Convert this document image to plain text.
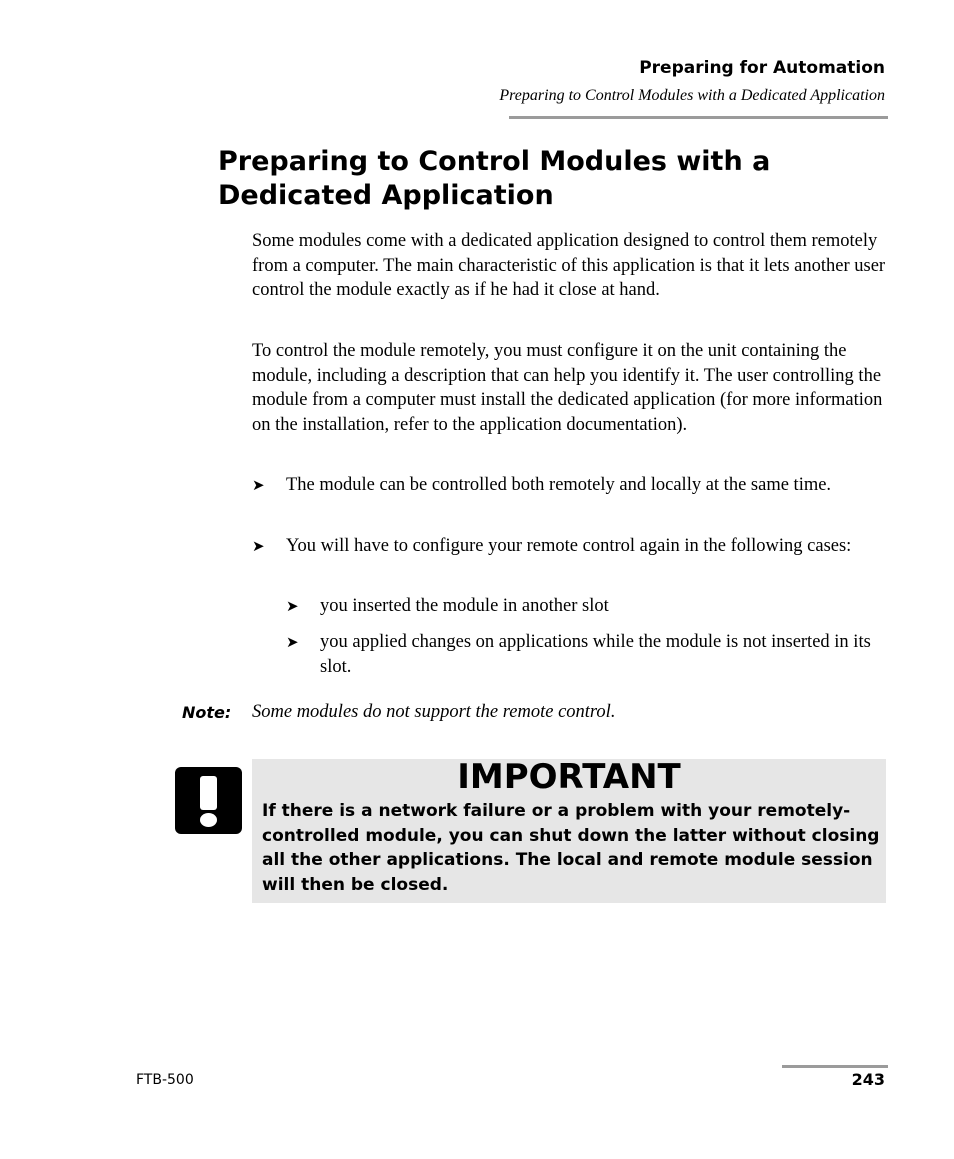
Preparing for Automation
Preparing to Control Modules with a Dedicated Application
Preparing to Control Modules with a Dedicated Application

Some modules come with a dedicated application designed to control them remotely from a computer. The main characteristic of this application is that it lets another user control the module exactly as if he had it close at hand.

To control the module remotely, you must configure it on the unit containing the module, including a description that can help you identify it. The user controlling the module from a computer must install the dedicated application (for more information on the installation, refer to the application documentation).

➤	The module can be controlled both remotely and locally at the same time.
➤	You will have to configure your remote control again in the following cases:
➤	you inserted the module in another slot
➤	you applied changes on applications while the module is not inserted in its slot.
Note: Some modules do not support the remote control.
IMPORTANT

If there is a network failure or a problem with your remotely-controlled module, you can shut down the latter without closing all the other applications. The local and remote module session will then be closed.

FTB-500	243
